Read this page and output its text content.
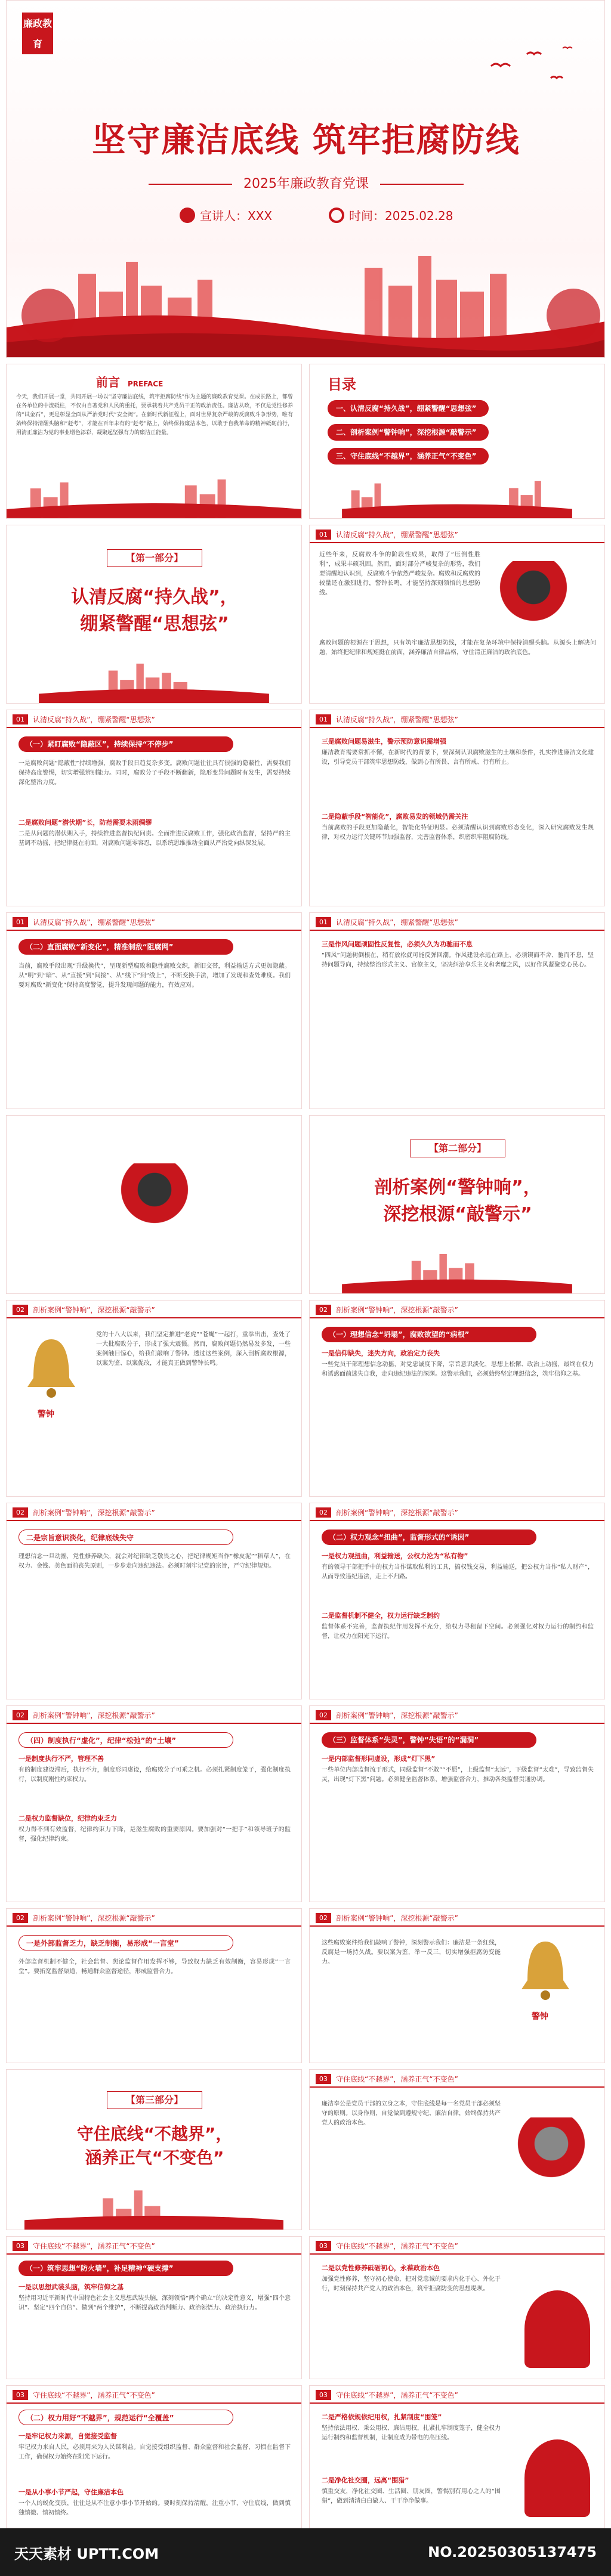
廉政教育
坚守廉洁底线 筑牢拒腐防线
2025年廉政教育党课
宣讲人：XXX	时间：2025.02.28
前言 PREFACE
今天，我们开展一堂，共同开展一场以“坚守廉洁底线，筑牢拒腐防线”作为主题的廉政教育党课。在成长路上，都曾在各单位的中流砥柱，不仅由自著党和人民的重托，要承载着共产党员干正的政治责任。廉洁从政，不仅是党性修养的“试金石”，更是彰显全面从严治党时代“安全阀”。在新时代新征程上，面对世界复杂严峻的反腐败斗争形势，唯有始终保持清醒头脑和“赶考”，才能在百年未有的“赶考”路上，始终保持廉洁本色，以敢于自我革命的精神砥砺前行，用清正廉洁为党的事业增色添彩，凝聚起坚强有力的廉洁正能量。
目录
一、认清反腐“持久战”，绷紧警醒“思想弦”
二、剖析案例“警钟响”，深挖根源“敲警示”
三、守住底线“不越界”，涵养正气“不变色”
【第一部分】
认清反腐“持久战”，
绷紧警醒“思想弦”
01	认清反腐“持久战”，绷紧警醒“思想弦”
近些年来，反腐败斗争的阶段性成果，取得了“压倒性胜利”，成果丰硕巩固。然而，面对部分严峻复杂的形势，我们要清醒地认识到，反腐败斗争依然严峻复杂。腐败和反腐败的较量还在激烈进行，警钟长鸣，才能坚持深刻领悟的思想防线。
腐败问题的根源在于思想，只有筑牢廉洁思想防线，才能在复杂环境中保持清醒头脑。从源头上解决问题，始终把纪律和规矩挺在前面，涵养廉洁自律品格，守住清正廉洁的政治底色。
01	认清反腐“持久战”，绷紧警醒“思想弦”
（一）紧盯腐败“隐蔽区”，持续保持“不停步”
一是腐败问题“隐蔽性”持续增强，腐败手段日趋复杂多变。腐败问题往往具有很强的隐蔽性，需要我们保持高度警惕，切实增强辨别能力。同时，腐败分子手段不断翻新，隐形变异问题时有发生，需要持续深化整治力度。
二是腐败问题“潜伏期”长，防范需要未雨绸缪
二是从问题的潜伏期入手，持续推进监督执纪问责。全面推进反腐败工作，强化政治监督，坚持严的主基调不动摇，把纪律挺在前面，对腐败问题零容忍，以系统思维推动全面从严治党向纵深发展。
01	认清反腐“持久战”，绷紧警醒“思想弦”
三是腐败问题易滋生，警示预防意识需增强
廉洁教育需要常抓不懈，在新时代的背景下，要深刻认识腐败滋生的土壤和条件，扎实推进廉洁文化建设，引导党员干部筑牢思想防线，做到心有所畏、言有所戒、行有所止。
二是隐蔽手段“智能化”，腐败易发的领域仍需关注
当前腐败的手段更加隐蔽化，智能化特征明显。必须清醒认识到腐败形态变化，深入研究腐败发生规律，对权力运行关键环节加强监督，完善监督体系，织密织牢阻腐防线。
01	认清反腐“持久战”，绷紧警醒“思想弦”
（二）直面腐败“新变化”，精准制敌“阻腐网”
当前，腐败手段出现“升级换代”，呈现新型腐败和隐性腐败交织，新旧交替，利益输送方式更加隐蔽。从“明”到“暗”、从“直接”到“间接”、从“线下”到“线上”，不断变换手法，增加了发现和查处难度。我们要对腐败“新变化”保持高度警觉，提升发现问题的能力，有效应对。
01	认清反腐“持久战”，绷紧警醒“思想弦”
三是作风问题顽固性反复性，必须久久为功驰而不息
“四风”问题树倒根在，稍有放松就可能反弹回潮。作风建设永远在路上，必须锲而不舍、驰而不息，坚持问题导向，持续整治形式主义、官僚主义，坚决纠治享乐主义和奢靡之风，以好作风凝聚党心民心。
【第二部分】
剖析案例“警钟响”，
深挖根源“敲警示”
02	剖析案例“警钟响”，深挖根源“敲警示”
警钟
党的十八大以来，我们坚定推进“老虎”“苍蝇”一起打，重拳出击，查处了一大批腐败分子，形成了强大震慑。然而，腐败问题仍然易发多发，一些案例触目惊心，给我们敲响了警钟。透过这些案例，深入剖析腐败根源，以案为鉴、以案促改，才能真正做到警钟长鸣。
02	剖析案例“警钟响”，深挖根源“敲警示”
（一）理想信念“坍塌”，腐败欲望的“病根”
一是信仰缺失，迷失方向，政治定力丧失
一些党员干部理想信念动摇，对党忠诚度下降，宗旨意识淡化，思想上松懈、政治上动摇，最终在权力和诱惑面前迷失自我，走向违纪违法的深渊。这警示我们，必须始终坚定理想信念，筑牢信仰之基。
02	剖析案例“警钟响”，深挖根源“敲警示”
二是宗旨意识淡化，纪律底线失守
理想信念一旦动摇，党性修养缺失，就会对纪律缺乏敬畏之心，把纪律规矩当作“橡皮泥”“稻草人”，在权力、金钱、美色面前丧失原则，一步步走向违纪违法。必须时刻牢记党的宗旨，严守纪律规矩。
02	剖析案例“警钟响”，深挖根源“敲警示”
（二）权力观念“扭曲”，监督形式的“诱因”
一是权力观扭曲，利益输送，公权力沦为“私有物”
有的领导干部把手中的权力当作谋取私利的工具，搞权钱交易，利益输送，把公权力当作“私人财产”，从而导致违纪违法，走上不归路。
二是监督机制不健全，权力运行缺乏制约
监督体系不完善，监督执纪作用发挥不充分，给权力寻租留下空间。必须强化对权力运行的制约和监督，让权力在阳光下运行。
02	剖析案例“警钟响”，深挖根源“敲警示”
（四）制度执行“虚化”，纪律“松弛”的“土壤”
一是制度执行不严，管理不善
有的制度建设滞后，执行不力，制度形同虚设，给腐败分子可乘之机。必须扎紧制度笼子，强化制度执行，以制度刚性约束权力。
二是权力监督缺位，纪律约束乏力
权力得不到有效监督，纪律约束力下降，是滋生腐败的重要原因。要加强对“一把手”和领导班子的监督，强化纪律约束。
02	剖析案例“警钟响”，深挖根源“敲警示”
（三）监督体系“失灵”，警钟“失语”的“漏洞”
一是内部监督形同虚设，形成“灯下黑”
一些单位内部监督流于形式，同级监督“不敢”“不愿”，上级监督“太远”，下级监督“太难”，导致监督失灵，出现“灯下黑”问题。必须健全监督体系，增强监督合力，推动各类监督贯通协调。
02	剖析案例“警钟响”，深挖根源“敲警示”
一是外部监督乏力，缺乏制衡，易形成“一言堂”
外部监督机制不健全，社会监督、舆论监督作用发挥不够，导致权力缺乏有效制衡，容易形成“一言堂”。要拓宽监督渠道，畅通群众监督途径，形成监督合力。
02	剖析案例“警钟响”，深挖根源“敲警示”
这些腐败案件给我们敲响了警钟，深刻警示我们：廉洁是一条红线，反腐是一场持久战。要以案为鉴，举一反三，切实增强拒腐防变能力。
警钟
【第三部分】
守住底线“不越界”，
涵养正气“不变色”
03	守住底线“不越界”，涵养正气“不变色”
廉洁奉公是党员干部的立身之本，守住底线是每一名党员干部必须坚守的原则。以身作则，自觉做到遵规守纪、廉洁自律，始终保持共产党人的政治本色。
03	守住底线“不越界”，涵养正气“不变色”
（一）筑牢思想“防火墙”，补足精神“硬支撑”
一是以思想武装头脑，筑牢信仰之基
坚持用习近平新时代中国特色社会主义思想武装头脑，深刻领悟“两个确立”的决定性意义，增强“四个意识”、坚定“四个自信”、做到“两个维护”，不断提高政治判断力、政治领悟力、政治执行力。
03	守住底线“不越界”，涵养正气“不变色”
二是以党性修养砥砺初心，永葆政治本色
加强党性修养，坚守初心使命，把对党忠诚的要求内化于心、外化于行，时刻保持共产党人的政治本色，筑牢拒腐防变的思想堤坝。
03	守住底线“不越界”，涵养正气“不变色”
（二）权力用好“不越界”，规范运行“全覆盖”
一是牢记权力来源，自觉接受监督
牢记权力来自人民，必须用来为人民谋利益。自觉接受组织监督、群众监督和社会监督，习惯在监督下工作，确保权力始终在阳光下运行。
一是从小事小节严起，守住廉洁本色
一个人的蜕化变质，往往是从不注意小事小节开始的。要时刻保持清醒，注重小节，守住底线，做到慎独慎微、慎初慎终。
03	守住底线“不越界”，涵养正气“不变色”
二是严格依规依纪用权，扎紧制度“围笼”
坚持依法用权、秉公用权、廉洁用权，扎紧扎牢制度笼子，健全权力运行制约和监督机制，让制度成为带电的高压线。
二是净化社交圈，远离“围猎”
慎重交友，净化社交圈、生活圈、朋友圈，警惕别有用心之人的“围猎”，做到清清白白做人、干干净净做事。
天天素材 UPTT.COM	NO.20250305137475
